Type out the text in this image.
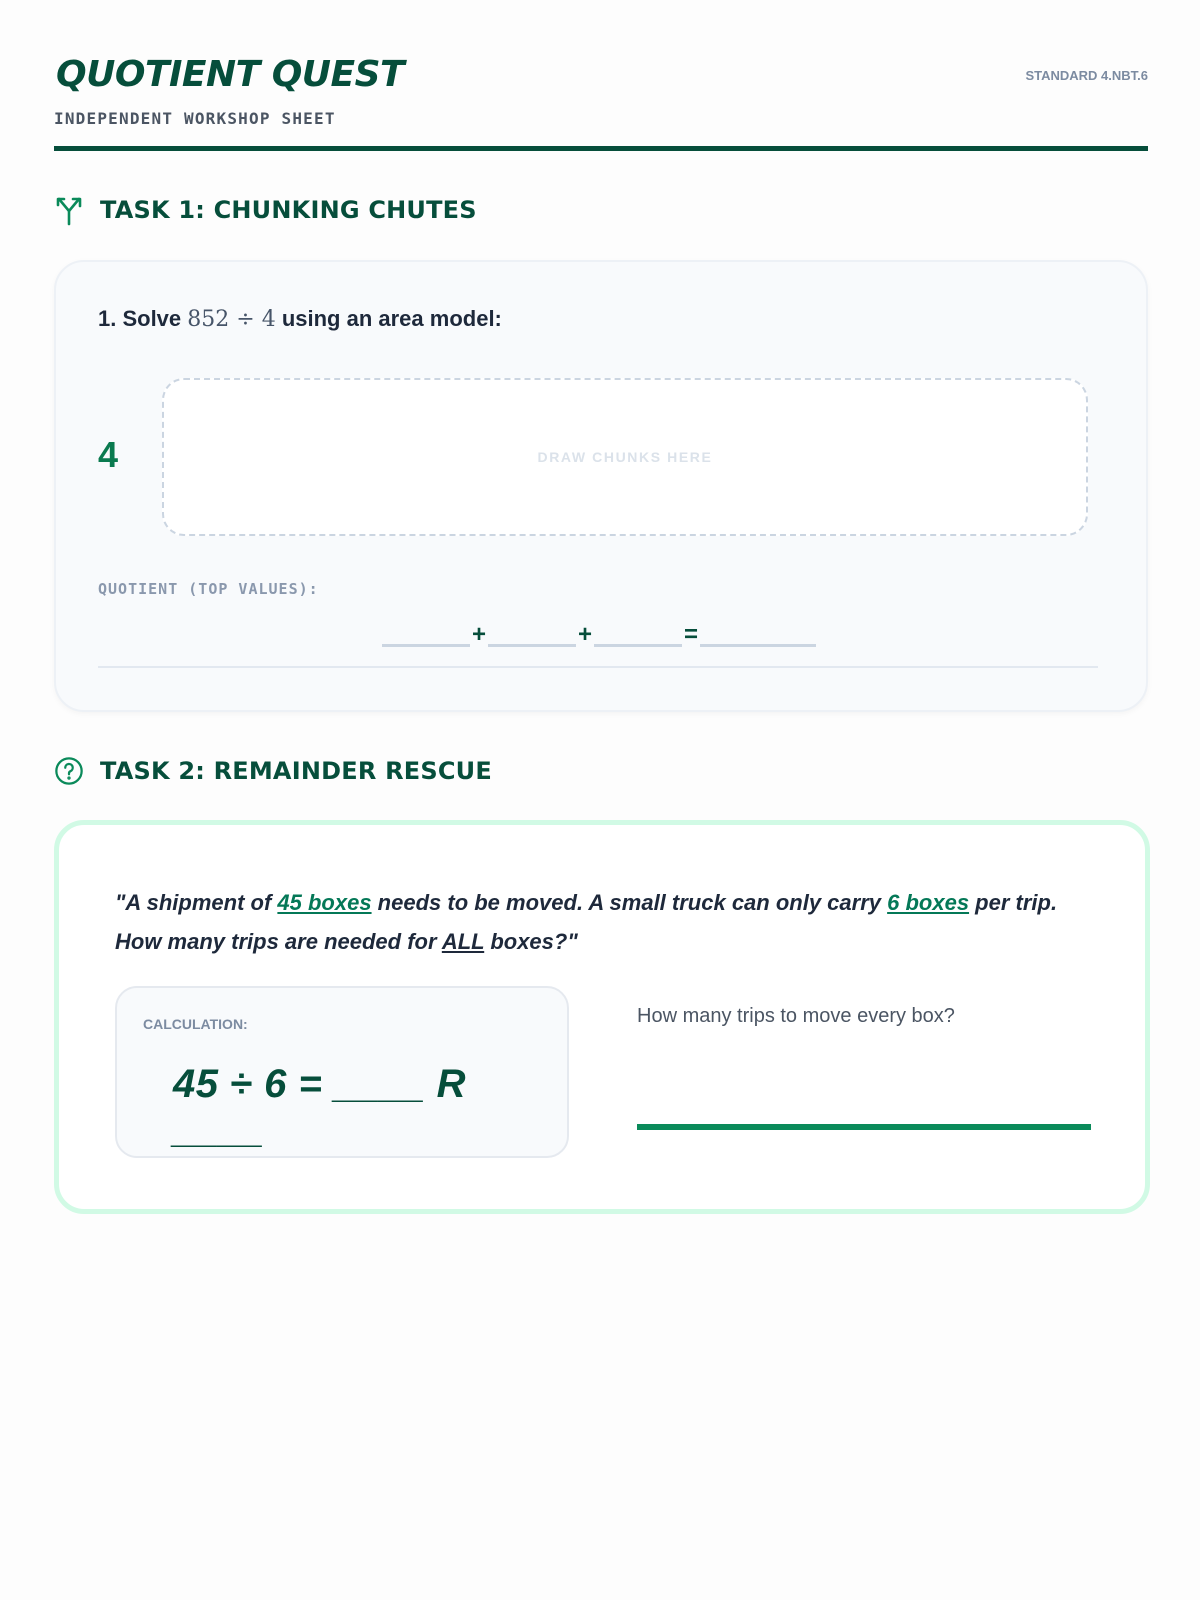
QUOTIENT QUEST
INDEPENDENT WORKSHOP SHEET
STANDARD 4.NBT.6
TASK 1: CHUNKING CHUTES
1. Solve 852 ÷ 4 using an area model:
4	DRAW CHUNKS HERE
QUOTIENT (TOP VALUES):
+	+	=
TASK 2: REMAINDER RESCUE
"A shipment of 45 boxes needs to be moved. A small truck can only carry 6 boxes per trip. How many trips are needed for ALL boxes?"
CALCULATION:
45 ÷ 6 = ____ R ____
How many trips to move every box?
